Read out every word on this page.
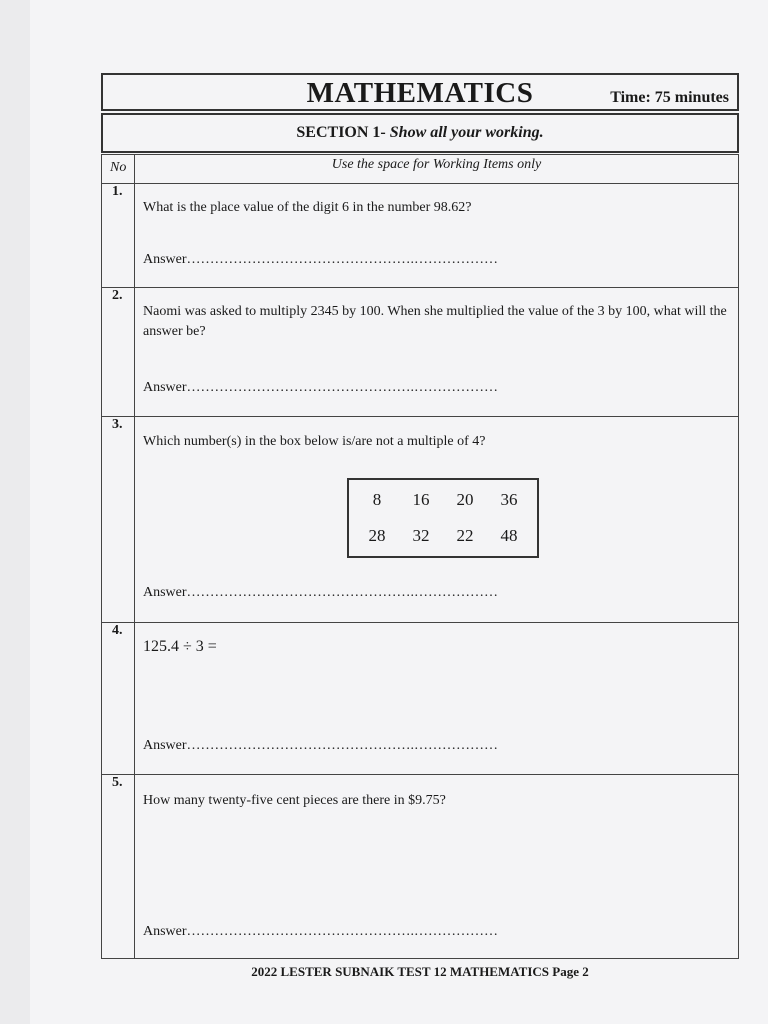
MATHEMATICS	Time: 75 minutes
SECTION 1- Show all your working.
No	Use the space for Working Items only
1.
What is the place value of the digit 6 in the number 98.62?
Answer………………………………………….………………
2.
Naomi was asked to multiply 2345 by 100. When she multiplied the value of the 3 by 100, what will the answer be?
Answer………………………………………….………………
3.
Which number(s) in the box below is/are not a multiple of 4?
8 16 20 36
28 32 22 48
Answer………………………………………….………………
4.
125.4 ÷ 3 =
Answer………………………………………….………………
5.
How many twenty-five cent pieces are there in $9.75?
Answer………………………………………….………………
2022 LESTER SUBNAIK TEST 12 MATHEMATICS Page 2
